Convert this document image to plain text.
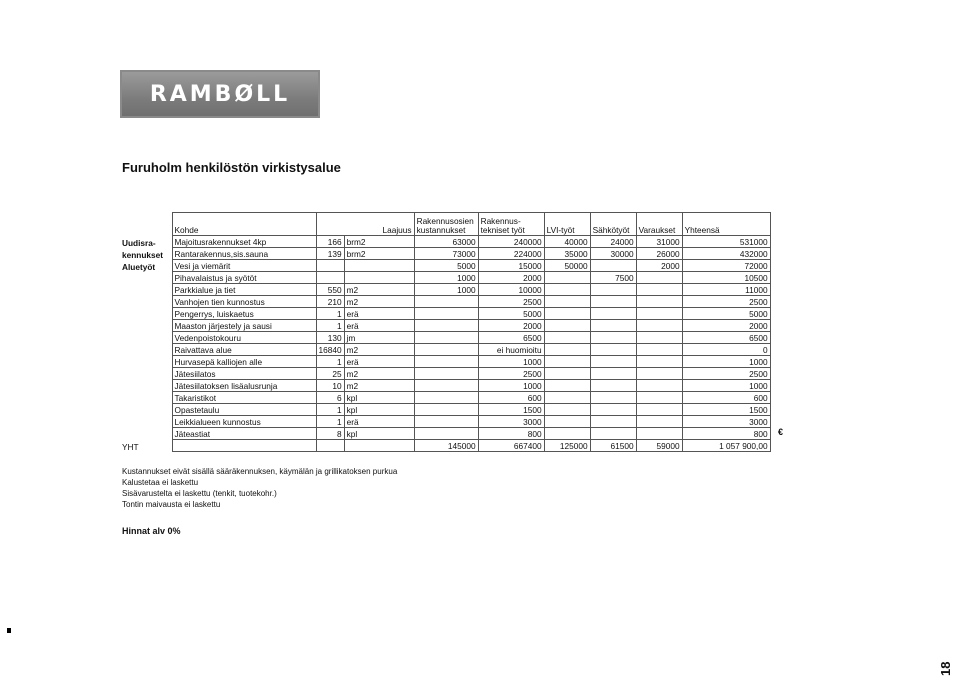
RAMBØLL
Furuholm henkilöstön virkistysalue
	Kohde	Laajuus		Rakennusosien kustannukset	Rakennus-tekniset työt	LVI-työt	Sähkötyöt	Varaukset	Yhteensä
Uudisra-	Majoitusrakennukset 4kp	166	brm2	63000	240000	40000	24000	31000	531000
kennukset	Rantarakennus,sis.sauna	139	brm2	73000	224000	35000	30000	26000	432000
Aluetyöt	Vesi ja viemärit			5000	15000	50000		2000	72000
	Pihavalaistus ja syötöt			1000	2000		7500		10500
	Parkkialue ja tiet	550	m2	1000	10000				11000
	Vanhojen tien kunnostus	210	m2		2500				2500
	Pengerrys, luiskaetus	1	erä		5000				5000
	Maaston järjestely ja sausi	1	erä		2000				2000
	Vedenpoistokouru	130	jm		6500				6500
	Raivattava alue	16840	m2		ei huomioitu				0
	Hurvasepä kalliojen alle	1	erä		1000				1000
	Jätesiilatos	25	m2		2500				2500
	Jätesiilatoksen lisäalusrunja	10	m2		1000				1000
	Takaristikot	6	kpl		600				600
	Opastetaulu	1	kpl		1500				1500
	Leikkialueen kunnostus	1	erä		3000				3000
	Jäteastiat	8	kpl		800				800
YHT				145000	667400	125000	61500	59000	1 057 900,00
€
Kustannukset eivät sisällä sääräkennuksen, käymälän ja grillikatoksen purkua
Kalustetaa ei laskettu
Sisävarustelta ei laskettu (tenkit, tuotekohr.)
Tontin maivausta ei laskettu
Hinnat alv 0%
18
